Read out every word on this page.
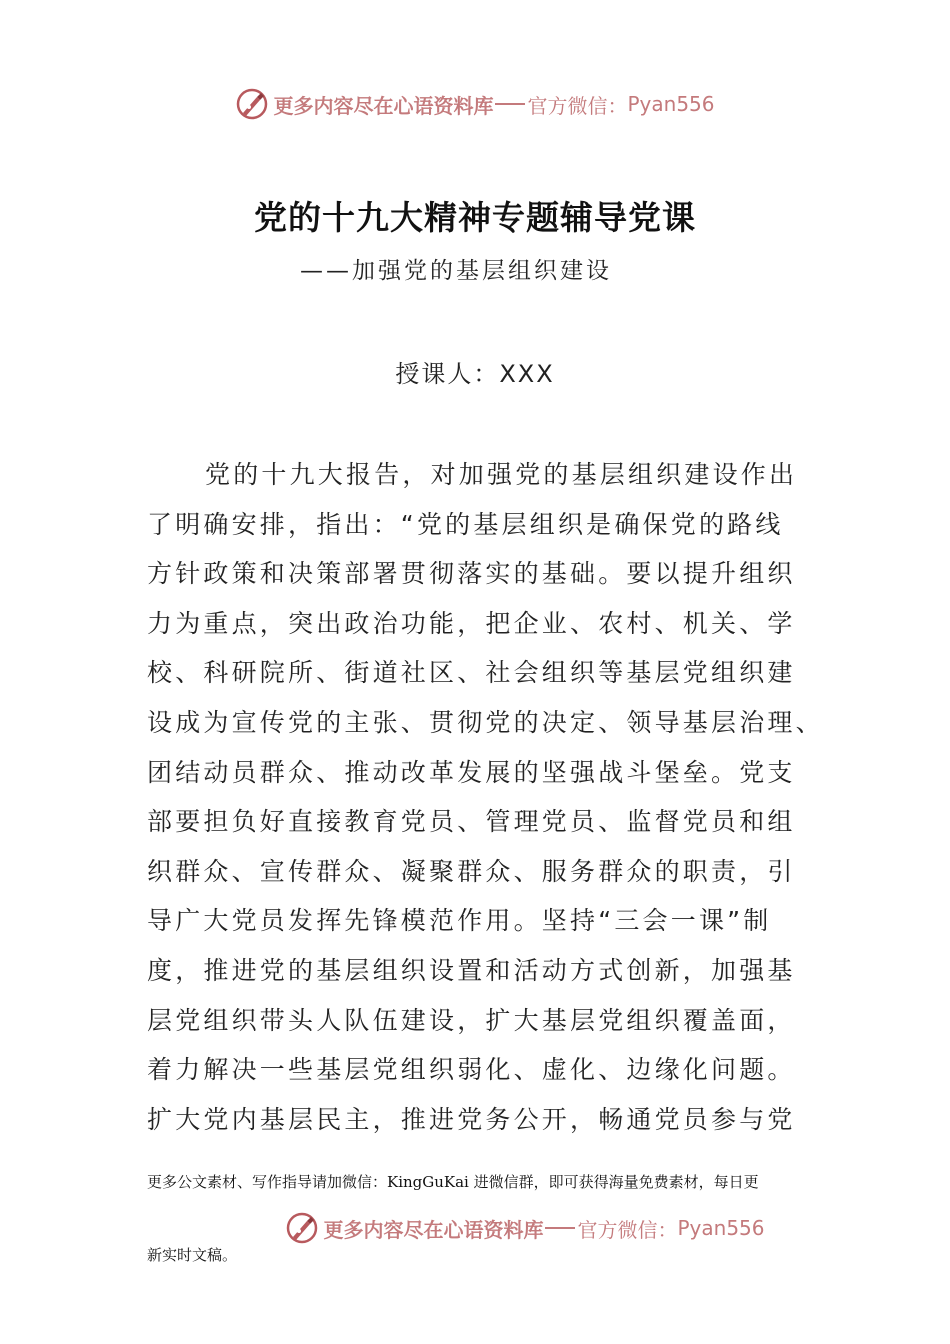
更多内容尽在心语资料库 官方微信： Pyan556
党的十九大精神专题辅导党课
——加强党的基层组织建设
授课人：XXX
党的十九大报告，对加强党的基层组织建设作出
了明确安排，指出：“党的基层组织是确保党的路线
方针政策和决策部署贯彻落实的基础。要以提升组织
力为重点，突出政治功能，把企业、农村、机关、学
校、科研院所、街道社区、社会组织等基层党组织建
设成为宣传党的主张、贯彻党的决定、领导基层治理、
团结动员群众、推动改革发展的坚强战斗堡垒。党支
部要担负好直接教育党员、管理党员、监督党员和组
织群众、宣传群众、凝聚群众、服务群众的职责，引
导广大党员发挥先锋模范作用。坚持“三会一课”制
度，推进党的基层组织设置和活动方式创新，加强基
层党组织带头人队伍建设，扩大基层党组织覆盖面，
着力解决一些基层党组织弱化、虚化、边缘化问题。
扩大党内基层民主，推进党务公开，畅通党员参与党
更多公文素材、写作指导请加微信：KingGuKai 进微信群，即可获得海量免费素材，每日更
更多内容尽在心语资料库 官方微信： Pyan556
新实时文稿。
